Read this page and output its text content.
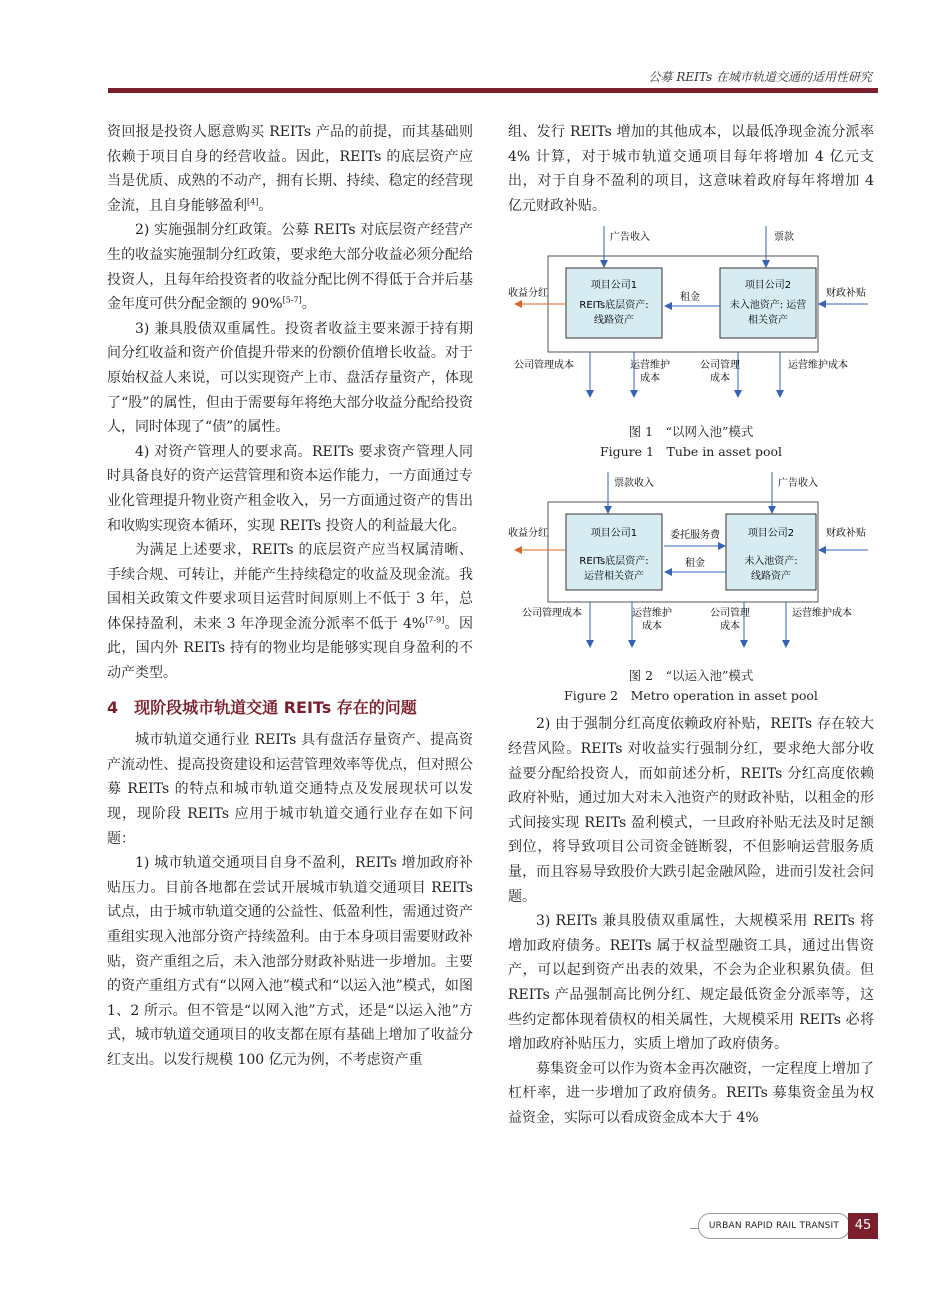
公募 REITs 在城市轨道交通的适用性研究

资回报是投资人愿意购买 REITs 产品的前提，而其基础则依赖于项目自身的经营收益。因此，REITs 的底层资产应当是优质、成熟的不动产，拥有长期、持续、稳定的经营现金流，且自身能够盈利[4]。

2) 实施强制分红政策。公募 REITs 对底层资产经营产生的收益实施强制分红政策，要求绝大部分收益必须分配给投资人，且每年给投资者的收益分配比例不得低于合并后基金年度可供分配金额的 90%[5-7]。

3) 兼具股债双重属性。投资者收益主要来源于持有期间分红收益和资产价值提升带来的份额价值增长收益。对于原始权益人来说，可以实现资产上市、盘活存量资产，体现了“股”的属性，但由于需要每年将绝大部分收益分配给投资人，同时体现了“债”的属性。

4) 对资产管理人的要求高。REITs 要求资产管理人同时具备良好的资产运营管理和资本运作能力，一方面通过专业化管理提升物业资产租金收入，另一方面通过资产的售出和收购实现资本循环，实现 REITs 投资人的利益最大化。

为满足上述要求，REITs 的底层资产应当权属清晰、手续合规、可转让，并能产生持续稳定的收益及现金流。我国相关政策文件要求项目运营时间原则上不低于 3 年，总体保持盈利，未来 3 年净现金流分派率不低于 4%[7-9]。因此，国内外 REITs 持有的物业均是能够实现自身盈利的不动产类型。

4　现阶段城市轨道交通 REITs 存在的问题

城市轨道交通行业 REITs 具有盘活存量资产、提高资产流动性、提高投资建设和运营管理效率等优点，但对照公募 REITs 的特点和城市轨道交通特点及发展现状可以发现，现阶段 REITs 应用于城市轨道交通行业存在如下问题：

1) 城市轨道交通项目自身不盈利，REITs 增加政府补贴压力。目前各地都在尝试开展城市轨道交通项目 REITs 试点，由于城市轨道交通的公益性、低盈利性，需通过资产重组实现入池部分资产持续盈利。由于本身项目需要财政补贴，资产重组之后，未入池部分财政补贴进一步增加。主要的资产重组方式有“以网入池”模式和“以运入池”模式，如图 1、2 所示。但不管是“以网入池”方式，还是“以运入池”方式，城市轨道交通项目的收支都在原有基础上增加了收益分红支出。以发行规模 100 亿元为例，不考虑资产重

组、发行 REITs 增加的其他成本，以最低净现金流分派率 4% 计算，对于城市轨道交通项目每年将增加 4 亿元支出，对于自身不盈利的项目，这意味着政府每年将增加 4 亿元财政补贴。

项目公司1
REITs底层资产:
线路资产
项目公司2
未入池资产: 运营
相关资产
租金
广告收入	票款
收益分红	财政补贴
公司管理成本	运营维护
成本
公司管理
成本
运营维护成本

图 1　“以网入池”模式

Figure 1　Tube in asset pool

项目公司1
REITs底层资产:
运营相关资产
项目公司2
未入池资产:
线路资产
委托服务费
租金
票款收入	广告收入
收益分红	财政补贴
公司管理成本	运营维护
成本
公司管理
成本
运营维护成本

图 2　“以运入池”模式

Figure 2　Metro operation in asset pool

2) 由于强制分红高度依赖政府补贴，REITs 存在较大经营风险。REITs 对收益实行强制分红，要求绝大部分收益要分配给投资人，而如前述分析，REITs 分红高度依赖政府补贴，通过加大对未入池资产的财政补贴，以租金的形式间接实现 REITs 盈利模式，一旦政府补贴无法及时足额到位，将导致项目公司资金链断裂，不但影响运营服务质量，而且容易导致股价大跌引起金融风险，进而引发社会问题。

3) REITs 兼具股债双重属性，大规模采用 REITs 将增加政府债务。REITs 属于权益型融资工具，通过出售资产，可以起到资产出表的效果，不会为企业积累负债。但 REITs 产品强制高比例分红、规定最低资金分派率等，这些约定都体现着债权的相关属性，大规模采用 REITs 必将增加政府补贴压力，实质上增加了政府债务。

募集资金可以作为资本金再次融资，一定程度上增加了杠杆率，进一步增加了政府债务。REITs 募集资金虽为权益资金，实际可以看成资金成本大于 4%

URBAN RAPID RAIL TRANSIT	45
